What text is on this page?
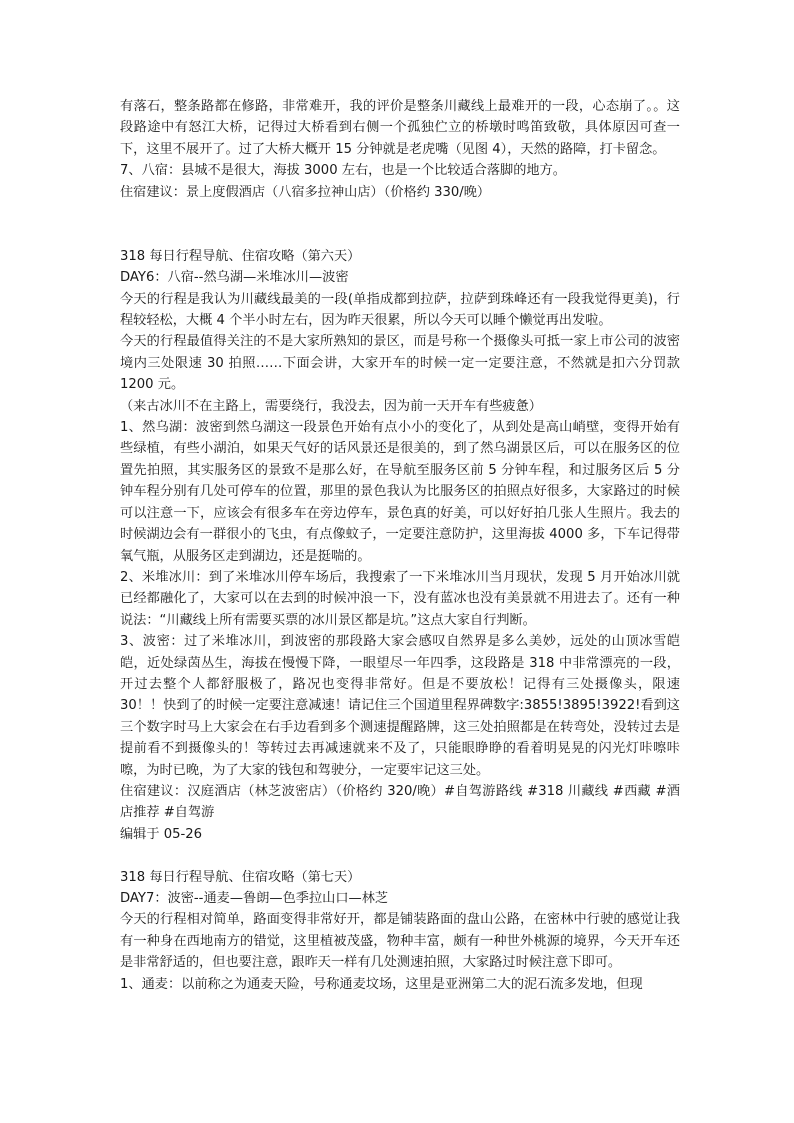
有落石，整条路都在修路，非常难开，我的评价是整条川藏线上最难开的一段，心态崩了。。这段路途中有怒江大桥，记得过大桥看到右侧一个孤独伫立的桥墩时鸣笛致敬，具体原因可查一下，这里不展开了。过了大桥大概开 15 分钟就是老虎嘴（见图 4），天然的路障，打卡留念。

7、八宿：县城不是很大，海拔 3000 左右，也是一个比较适合落脚的地方。

住宿建议：景上度假酒店（八宿多拉神山店）（价格约 330/晚）

318 每日行程导航、住宿攻略（第六天）

DAY6：八宿--然乌湖—米堆冰川—波密

今天的行程是我认为川藏线最美的一段(单指成都到拉萨，拉萨到珠峰还有一段我觉得更美)，行程较轻松，大概 4 个半小时左右，因为昨天很累，所以今天可以睡个懒觉再出发啦。

今天的行程最值得关注的不是大家所熟知的景区，而是号称一个摄像头可抵一家上市公司的波密境内三处限速 30 拍照……下面会讲，大家开车的时候一定一定要注意，不然就是扣六分罚款 1200 元。

（来古冰川不在主路上，需要绕行，我没去，因为前一天开车有些疲惫）

1、然乌湖：波密到然乌湖这一段景色开始有点小小的变化了，从到处是高山峭壁，变得开始有些绿植，有些小湖泊，如果天气好的话风景还是很美的，到了然乌湖景区后，可以在服务区的位置先拍照，其实服务区的景致不是那么好，在导航至服务区前 5 分钟车程，和过服务区后 5 分钟车程分别有几处可停车的位置，那里的景色我认为比服务区的拍照点好很多，大家路过的时候可以注意一下，应该会有很多车在旁边停车，景色真的好美，可以好好拍几张人生照片。我去的时候湖边会有一群很小的飞虫，有点像蚊子，一定要注意防护，这里海拔 4000 多，下车记得带氧气瓶，从服务区走到湖边，还是挺喘的。

2、米堆冰川：到了米堆冰川停车场后，我搜索了一下米堆冰川当月现状，发现 5 月开始冰川就已经都融化了，大家可以在去到的时候冲浪一下，没有蓝冰也没有美景就不用进去了。还有一种说法：“川藏线上所有需要买票的冰川景区都是坑。”这点大家自行判断。

3、波密：过了米堆冰川，到波密的那段路大家会感叹自然界是多么美妙，远处的山顶冰雪皑皑，近处绿茵丛生，海拔在慢慢下降，一眼望尽一年四季，这段路是 318 中非常漂亮的一段，开过去整个人都舒服极了，路况也变得非常好。但是不要放松！记得有三处摄像头，限速 30！！快到了的时候一定要注意减速！请记住三个国道里程界碑数字:3855!3895!3922!看到这三个数字时马上大家会在右手边看到多个测速提醒路牌，这三处拍照都是在转弯处，没转过去是提前看不到摄像头的！等转过去再减速就来不及了，只能眼睁睁的看着明晃晃的闪光灯咔嚓咔嚓，为时已晚，为了大家的钱包和驾驶分，一定要牢记这三处。

住宿建议：汉庭酒店（林芝波密店）（价格约 320/晚）#自驾游路线 #318 川藏线 #西藏 #酒店推荐 #自驾游

编辑于 05-26

318 每日行程导航、住宿攻略（第七天）

DAY7：波密--通麦—鲁朗—色季拉山口—林芝

今天的行程相对简单，路面变得非常好开，都是铺装路面的盘山公路，在密林中行驶的感觉让我有一种身在西地南方的错觉，这里植被茂盛，物种丰富，颇有一种世外桃源的境界，今天开车还是非常舒适的，但也要注意，跟昨天一样有几处测速拍照，大家路过时候注意下即可。

1、通麦：以前称之为通麦天险，号称通麦坟场，这里是亚洲第二大的泥石流多发地，但现
